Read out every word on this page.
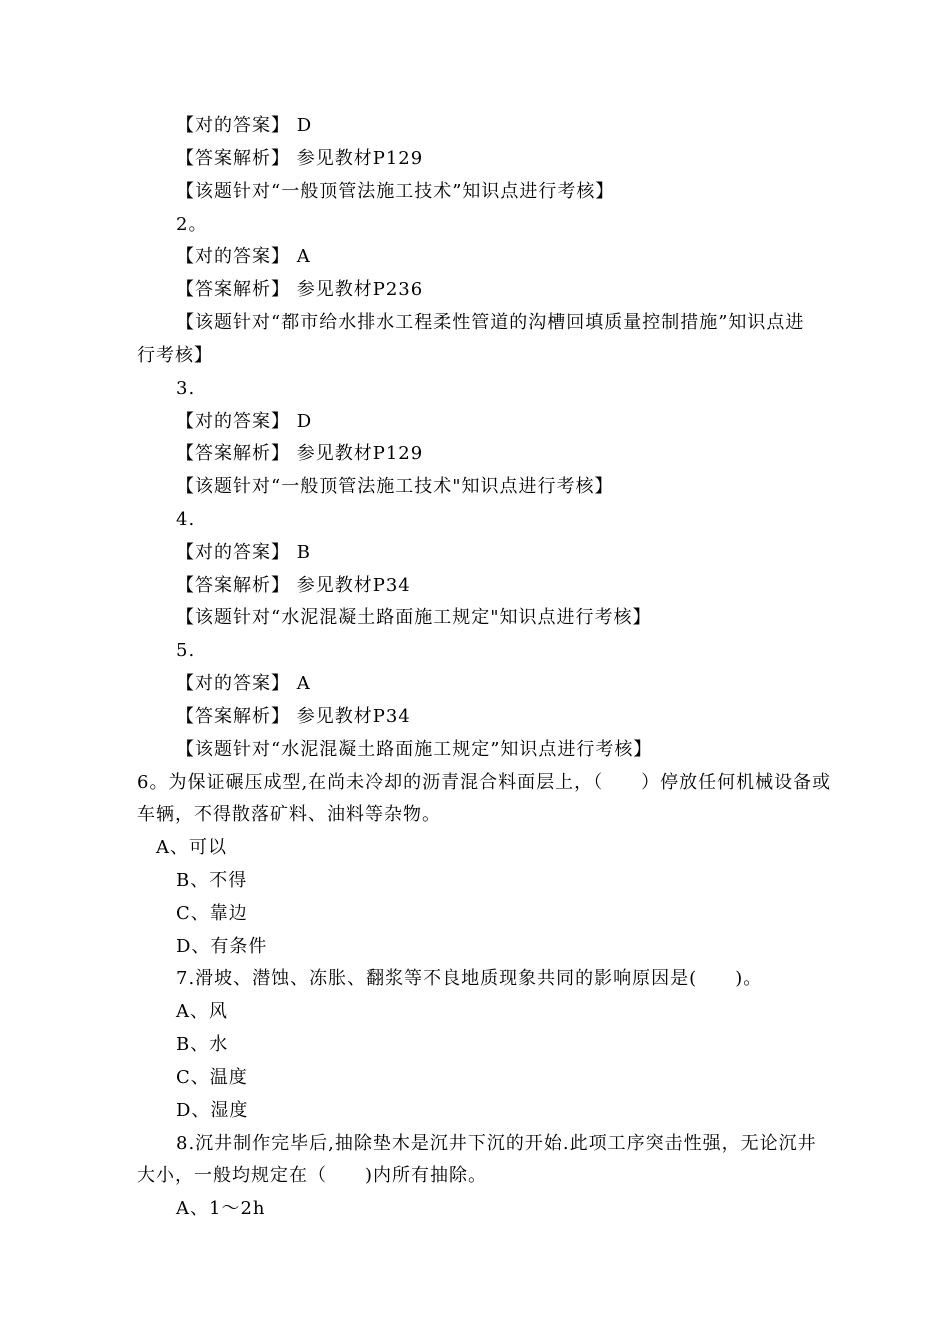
【对的答案】 D
【答案解析】 参见教材P129
【该题针对“一般顶管法施工技术”知识点进行考核】
2。
【对的答案】 A
【答案解析】 参见教材P236
【该题针对“都市给水排水工程柔性管道的沟槽回填质量控制措施”知识点进
行考核】
3.
【对的答案】 D
【答案解析】 参见教材P129
【该题针对“一般顶管法施工技术"知识点进行考核】
4.
【对的答案】 B
【答案解析】 参见教材P34
【该题针对“水泥混凝土路面施工规定"知识点进行考核】
5.
【对的答案】 A
【答案解析】 参见教材P34
【该题针对“水泥混凝土路面施工规定”知识点进行考核】
6。为保证碾压成型,在尚未冷却的沥青混合料面层上，（　　）停放任何机械设备或
车辆，不得散落矿料、油料等杂物。
A、可以
B、不得
C、靠边
D、有条件
7.滑坡、潜蚀、冻胀、翻浆等不良地质现象共同的影响原因是(　　)。
A、风
B、水
C、温度
D、湿度
8.沉井制作完毕后,抽除垫木是沉井下沉的开始.此项工序突击性强，无论沉井
大小，一般均规定在（　　)内所有抽除。
A、1～2h
